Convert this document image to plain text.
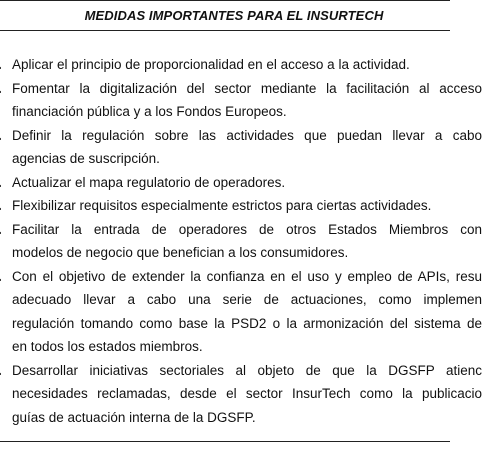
MEDIDAS IMPORTANTES PARA EL INSURTECH
Aplicar el principio de proporcionalidad en el acceso a la actividad.
Fomentar la digitalización del sector mediante la facilitación al acceso
financiación pública y a los Fondos Europeos.
Definir la regulación sobre las actividades que puedan llevar a cabo
agencias de suscripción.
Actualizar el mapa regulatorio de operadores.
Flexibilizar requisitos especialmente estrictos para ciertas actividades.
Facilitar la entrada de operadores de otros Estados Miembros con
modelos de negocio que benefician a los consumidores.
Con el objetivo de extender la confianza en el uso y empleo de APIs, resu
adecuado llevar a cabo una serie de actuaciones, como implemen
regulación tomando como base la PSD2 o la armonización del sistema de
en todos los estados miembros.
Desarrollar iniciativas sectoriales al objeto de que la DGSFP atienc
necesidades reclamadas, desde el sector InsurTech como la publicacio
guías de actuación interna de la DGSFP.
